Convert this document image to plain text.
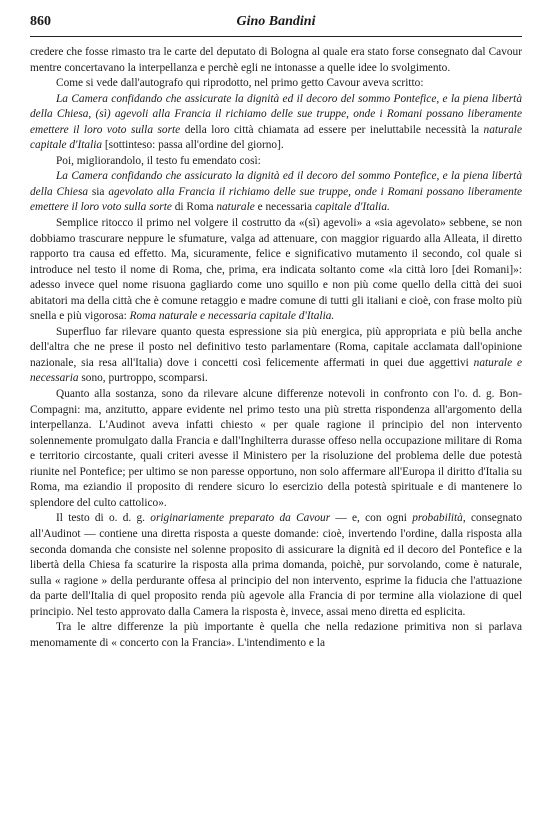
860	Gino Bandini

credere che fosse rimasto tra le carte del deputato di Bologna al quale era stato forse consegnato dal Cavour mentre concertavano la interpellanza e perchè egli ne intonasse a quelle idee lo svolgimento.

Come si vede dall'autografo qui riprodotto, nel primo getto Cavour aveva scritto:

La Camera confidando che assicurate la dignità ed il decoro del sommo Pontefice, e la piena libertà della Chiesa, (sì) agevoli alla Francia il richiamo delle sue truppe, onde i Romani possano liberamente emettere il loro voto sulla sorte della loro città chiamata ad essere per ineluttabile necessità la naturale capitale d'Italia [sottinteso: passa all'ordine del giorno].

Poi, migliorandolo, il testo fu emendato così:

La Camera confidando che assicurato la dignità ed il decoro del sommo Pontefice, e la piena libertà della Chiesa sia agevolato alla Francia il richiamo delle sue truppe, onde i Romani possano liberamente emettere il loro voto sulla sorte di Roma naturale e necessaria capitale d'Italia.

Semplice ritocco il primo nel volgere il costrutto da «(sì) agevoli» a «sia agevolato» sebbene, se non dobbiamo trascurare neppure le sfumature, valga ad attenuare, con maggior riguardo alla Alleata, il diretto rapporto tra causa ed effetto. Ma, sicuramente, felice e significativo mutamento il secondo, col quale si introduce nel testo il nome di Roma, che, prima, era indicata soltanto come «la città loro [dei Romani]»: adesso invece quel nome risuona gagliardo come uno squillo e non più come quello della città dei suoi abitatori ma della città che è comune retaggio e madre comune di tutti gli italiani e cioè, con frase molto più snella e più vigorosa: Roma naturale e necessaria capitale d'Italia.

Superfluo far rilevare quanto questa espressione sia più energica, più appropriata e più bella anche dell'altra che ne prese il posto nel definitivo testo parlamentare (Roma, capitale acclamata dall'opinione nazionale, sia resa all'Italia) dove i concetti così felicemente affermati in quei due aggettivi naturale e necessaria sono, purtroppo, scomparsi.

Quanto alla sostanza, sono da rilevare alcune differenze notevoli in confronto con l'o. d. g. Bon-Compagni: ma, anzitutto, appare evidente nel primo testo una più stretta rispondenza all'argomento della interpellanza. L'Audinot aveva infatti chiesto « per quale ragione il principio del non intervento solennemente promulgato dalla Francia e dall'Inghilterra durasse offeso nella occupazione militare di Roma e territorio circostante, quali criteri avesse il Ministero per la risoluzione del problema delle due potestà riunite nel Pontefice; per ultimo se non paresse opportuno, non solo affermare all'Europa il diritto d'Italia su Roma, ma eziandio il proposito di rendere sicuro lo esercizio della potestà spirituale e di mantenere lo splendore del culto cattolico».

Il testo di o. d. g. originariamente preparato da Cavour — e, con ogni probabilità, consegnato all'Audinot — contiene una diretta risposta a queste domande: cioè, invertendo l'ordine, dalla risposta alla seconda domanda che consiste nel solenne proposito di assicurare la dignità ed il decoro del Pontefice e la libertà della Chiesa fa scaturire la risposta alla prima domanda, poichè, pur sorvolando, come è naturale, sulla « ragione » della perdurante offesa al principio del non intervento, esprime la fiducia che l'attuazione da parte dell'Italia di quel proposito renda più agevole alla Francia di por termine alla violazione di quel principio. Nel testo approvato dalla Camera la risposta è, invece, assai meno diretta ed esplicita.

Tra le altre differenze la più importante è quella che nella redazione primitiva non si parlava menomamente di « concerto con la Francia». L'intendimento e la
